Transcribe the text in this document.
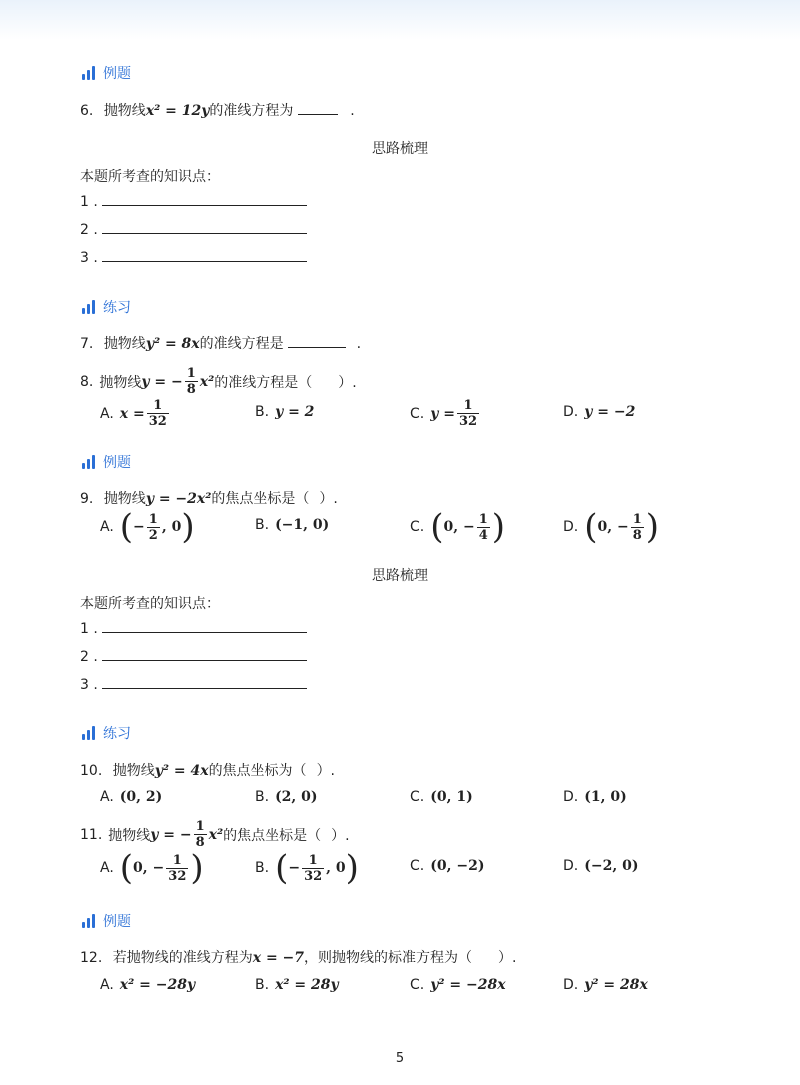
例题
6. 抛物线x² = 12y的准线方程为	.
思路梳理
本题所考查的知识点：
1 .
2 .
3 .
练习
7. 抛物线y² = 8x的准线方程是	.
8. 抛物线 y = − $\frac{1}{8} x^2$ 的准线方程是（ ）.
A. $x = \frac{1}{32}$	B. y = 2	C. $y = \frac{1}{32}$	D. y = −2
例题
9. 抛物线y = −2x²的焦点坐标是（ ）.
A. ( − $\frac{1}{2}$ , 0 )	B. (−1, 0)	C. ( 0, − $\frac{1}{4}$ )	D. ( 0, − $\frac{1}{8}$ )
思路梳理
本题所考查的知识点：
1 .
2 .
3 .
练习
10. 抛物线y² = 4x的焦点坐标为（ ）.
A. (0, 2)	B. (2, 0)	C. (0, 1)	D. (1, 0)
11. 抛物线 y = − $\frac{1}{8} x^2$ 的焦点坐标是（ ）.
A. ( 0, − $\frac{1}{32}$ )	B. ( − $\frac{1}{32}$ , 0 )	C. (0, −2)	D. (−2, 0)
例题
12. 若抛物线的准线方程为x = −7，则抛物线的标准方程为（ ）.
A. x² = −28y	B. x² = 28y	C. y² = −28x	D. y² = 28x
5
